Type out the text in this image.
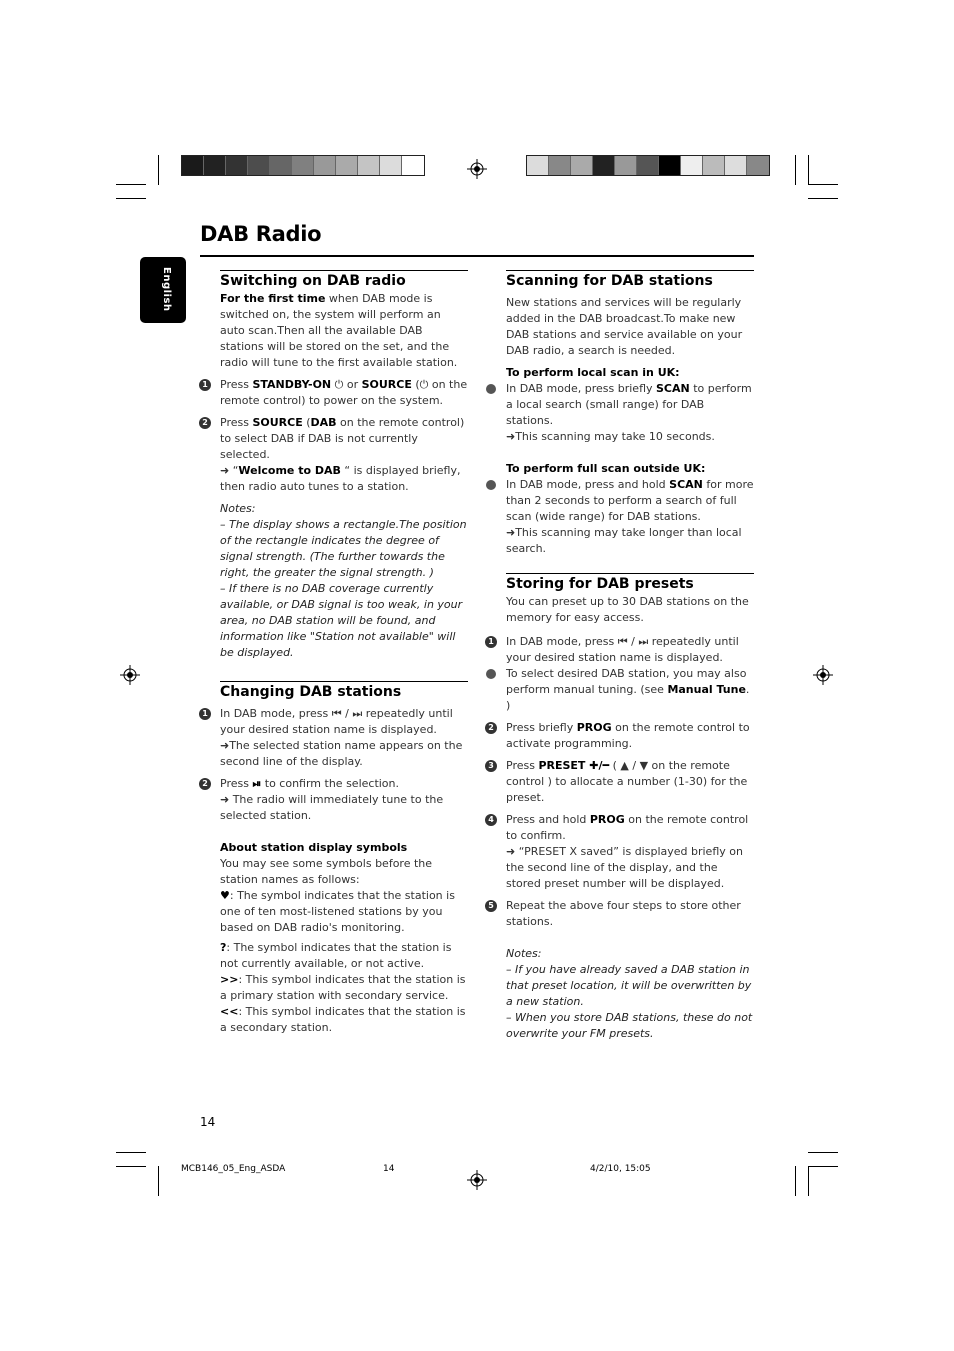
DAB Radio
English	Switching on DAB radio

For the first time when DAB mode is switched on, the system will perform an auto scan.Then all the available DAB stations will be stored on the set, and the radio will tune to the first available station.

1 Press STANDBY-ON ⏻ or SOURCE (⏻ on the remote control) to power on the system.
2 Press SOURCE (DAB on the remote control) to select DAB if DAB is not currently selected.
➜ “Welcome to DAB “ is displayed briefly, then radio auto tunes to a station.

Notes:

– The display shows a rectangle.The position of the rectangle indicates the degree of signal strength. (The further towards the right, the greater the signal strength. )

– If there is no DAB coverage currently available, or DAB signal is too weak, in your area, no DAB station will be found, and information like "Station not available" will be displayed.

Changing DAB stations
1 In DAB mode, press ⏮ / ⏭ repeatedly until your desired station name is displayed.
➜The selected station name appears on the second line of the display.
2 Press ⏯ to confirm the selection.
➜ The radio will immediately tune to the selected station.
About station display symbols

You may see some symbols before the station names as follows:

♥: The symbol indicates that the station is one of ten most-listened stations by you based on DAB radio's monitoring.

?: The symbol indicates that the station is not currently available, or not active.

>>: This symbol indicates that the station is a primary station with secondary service.

<<: This symbol indicates that the station is a secondary station.

Scanning for DAB stations

New stations and services will be regularly added in the DAB broadcast.To make new DAB stations and service available on your DAB radio, a search is needed.

To perform local scan in UK:
In DAB mode, press briefly SCAN to perform a local search (small range) for DAB stations.
➜This scanning may take 10 seconds.
To perform full scan outside UK:
In DAB mode, press and hold SCAN for more than 2 seconds to perform a search of full scan (wide range) for DAB stations.
➜This scanning may take longer than local search.
Storing for DAB presets

You can preset up to 30 DAB stations on the memory for easy access.

1 In DAB mode, press ⏮ / ⏭ repeatedly until your desired station name is displayed.
To select desired DAB station, you may also perform manual tuning. (see Manual Tune. )
2 Press briefly PROG on the remote control to activate programming.
3 Press PRESET ✚/━ ( ▲ / ▼ on the remote control ) to allocate a number (1-30) for the preset.
4 Press and hold PROG on the remote control to confirm.
➜ “PRESET X saved” is displayed briefly on the second line of the display, and the stored preset number will be displayed.
5 Repeat the above four steps to store other stations.

Notes:

– If you have already saved a DAB station in that preset location, it will be overwritten by a new station.

– When you store DAB stations, these do not overwrite your FM presets.

14
MCB146_05_Eng_ASDA	14	4/2/10, 15:05
